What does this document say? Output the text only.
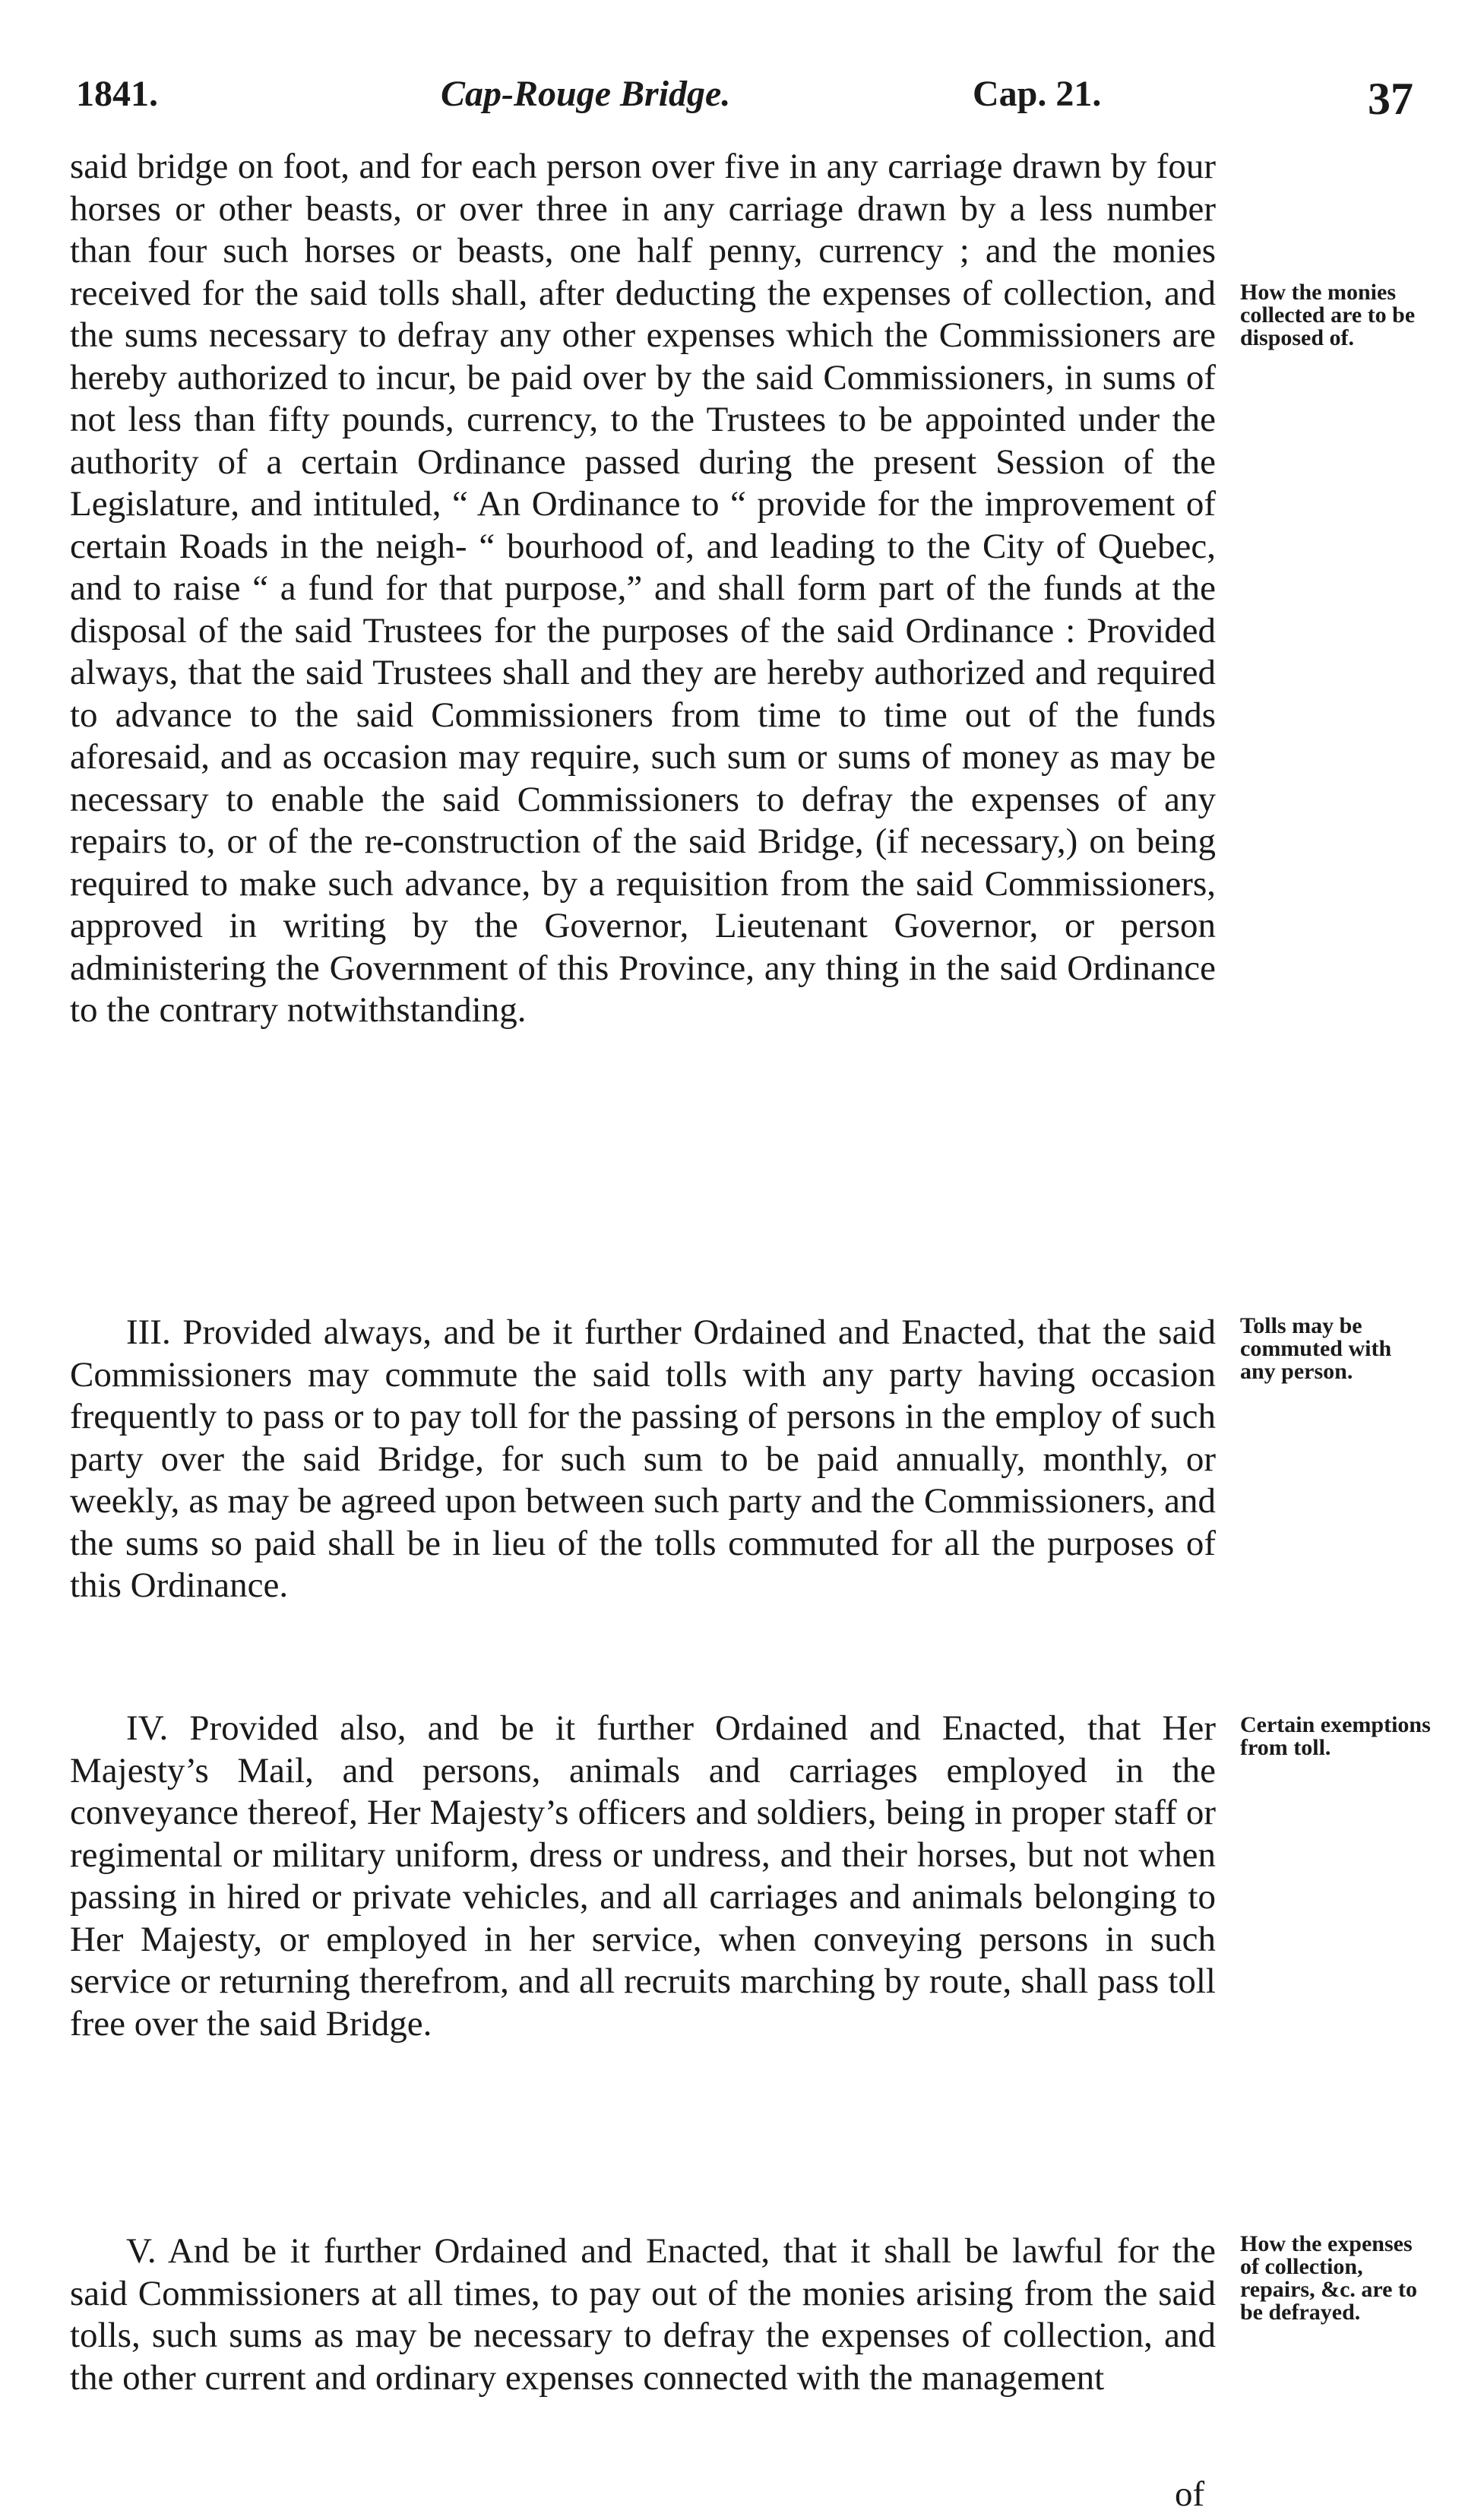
1841.	Cap-Rouge Bridge.	Cap. 21.	37

said bridge on foot, and for each person over five in any carriage drawn by four horses or other beasts, or over three in any carriage drawn by a less number than four such horses or beasts, one half penny, currency ; and the monies received for the said tolls shall, after deducting the expenses of collection, and the sums necessary to defray any other expenses which the Commissioners are hereby authorized to incur, be paid over by the said Commissioners, in sums of not less than fifty pounds, currency, to the Trustees to be appointed under the authority of a certain Ordinance passed during the present Session of the Legislature, and intituled, “ An Ordinance to “ provide for the improvement of certain Roads in the neigh- “ bourhood of, and leading to the City of Quebec, and to raise “ a fund for that purpose,” and shall form part of the funds at the disposal of the said Trustees for the purposes of the said Ordinance : Provided always, that the said Trustees shall and they are hereby authorized and required to advance to the said Commissioners from time to time out of the funds aforesaid, and as occasion may require, such sum or sums of money as may be necessary to enable the said Commissioners to defray the expenses of any repairs to, or of the re-construction of the said Bridge, (if necessary,) on being required to make such advance, by a requisition from the said Commissioners, approved in writing by the Governor, Lieutenant Governor, or person administering the Government of this Province, any thing in the said Ordinance to the contrary notwithstanding.

III. Provided always, and be it further Ordained and Enacted, that the said Commissioners may commute the said tolls with any party having occasion frequently to pass or to pay toll for the passing of persons in the employ of such party over the said Bridge, for such sum to be paid annually, monthly, or weekly, as may be agreed upon between such party and the Commissioners, and the sums so paid shall be in lieu of the tolls commuted for all the purposes of this Ordinance.

IV. Provided also, and be it further Ordained and Enacted, that Her Majesty’s Mail, and persons, animals and carriages employed in the conveyance thereof, Her Majesty’s officers and soldiers, being in proper staff or regimental or military uniform, dress or undress, and their horses, but not when passing in hired or private vehicles, and all carriages and animals belonging to Her Majesty, or employed in her service, when conveying persons in such service or returning therefrom, and all recruits marching by route, shall pass toll free over the said Bridge.

V. And be it further Ordained and Enacted, that it shall be lawful for the said Commissioners at all times, to pay out of the monies arising from the said tolls, such sums as may be necessary to defray the expenses of collection, and the other current and ordinary expenses connected with the management

How the monies collected are to be disposed of.
Tolls may be commuted with any person.
Certain exemptions from toll.
How the expenses of collection, repairs, &c. are to be defrayed.
of
